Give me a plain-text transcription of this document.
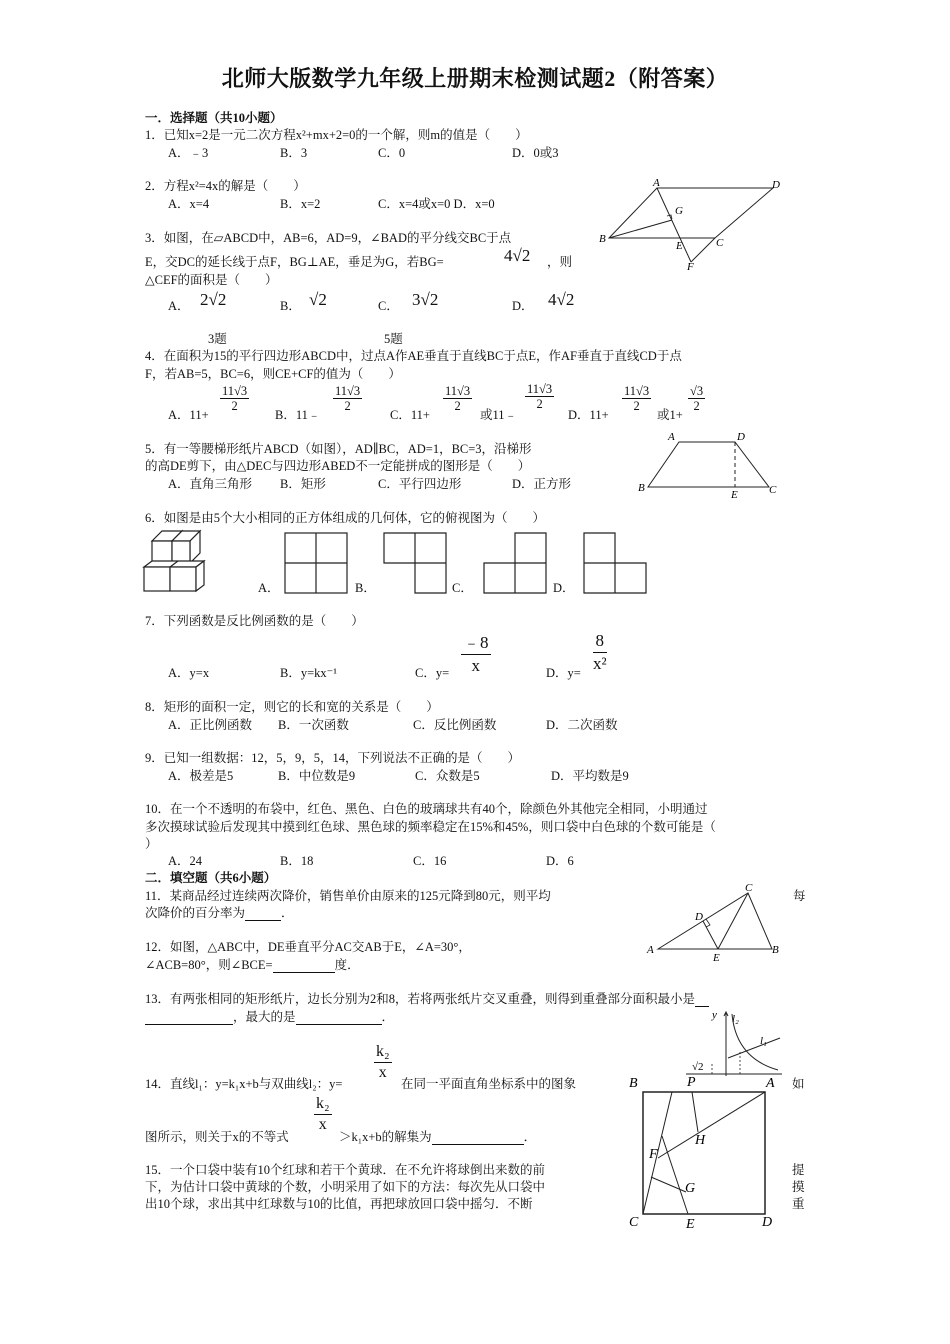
北师大版数学九年级上册期末检测试题2（附答案）
一．选择题（共10小题）
1．已知x=2是一元二次方程x²+mx+2=0的一个解，则m的值是（　　）
A．﹣3	B．3	C．0	D．0或3
2．方程x²=4x的解是（　　）
A．x=4	B．x=2	C．x=4或x=0 D．x=0
A	D
B	C
E
F
G
3．如图，在▱ABCD中，AB=6，AD=9，∠BAD的平分线交BC于点
E，交DC的延长线于点F，BG⊥AE，垂足为G，若BG=	4√2 ，则
△CEF的面积是（　　）
A． 2√2	B． √2	C． 3√2	D． 4√2
3题	5题
4．在面积为15的平行四边形ABCD中，过点A作AE垂直于直线BC于点E，作AF垂直于直线CD于点
F，若AB=5，BC=6，则CE+CF的值为（　　）
A．11+
$\frac{11√3}{2}$
B．11﹣
$\frac{11√3}{2}$
C．11+
$\frac{11√3}{2}$
或11﹣
$\frac{11√3}{2}$
D．11+
$\frac{11√3}{2}$
或1+
$\frac{√3}{2}$
A	D
B
E	C
5．有一等腰梯形纸片ABCD（如图），AD∥BC，AD=1，BC=3，沿梯形
的高DE剪下，由△DEC与四边形ABED不一定能拼成的图形是（　　）
A．直角三角形 B．矩形	C．平行四边形	D．正方形
6．如图是由5个大小相同的正方体组成的几何体，它的俯视图为（　　）
A．	B．	C．	D．
7．下列函数是反比例函数的是（　　）
A．y=x	B．y=kx⁻¹	C．$y= \frac{﹣8}{x}$	D．$y= \frac{8}{\text{x²}}$
8．矩形的面积一定，则它的长和宽的关系是（　　）
A．正比例函数 B．一次函数	C．反比例函数	D．二次函数
9．已知一组数据：12，5，9，5，14，下列说法不正确的是（　　）
A．极差是5	B．中位数是9	C．众数是5	D．平均数是9
10．在一个不透明的布袋中，红色、黑色、白色的玻璃球共有40个，除颜色外其他完全相同，小明通过
多次摸球试验后发现其中摸到红色球、黑色球的频率稳定在15%和45%，则口袋中白色球的个数可能是（
）
A．24	B．18	C．16	D．6
二．填空题（共6小题）
C
D
A
E
B
11．某商品经过连续两次降价，销售单价由原来的125元降到80元，则平均	每
次降价的百分率为	．
12．如图，△ABC中，DE垂直平分AC交AB于E，∠A=30°，
∠ACB=80°，则∠BCE=	度．
13．有两张相同的矩形纸片，边长分别为2和8，若将两张纸片交叉重叠，则得到重叠部分面积最小是
，最大的是	．	y l₂
l₁
√2
B	P	A
H
F
G
C	E	D
$\frac{\text{k₂}}{x}$
14．直线l₁：y=k₁x+b与双曲线l₂：y=	在同一平面直角坐标系中的图象	如
$\frac{\text{k₂}}{x}$
图所示，则关于x的不等式	＞k₁x+b的解集为	．
15．一个口袋中装有10个红球和若干个黄球．在不允许将球倒出来数的前	提
下，为估计口袋中黄球的个数，小明采用了如下的方法：每次先从口袋中	摸
出10个球，求出其中红球数与10的比值，再把球放回口袋中摇匀．不断	重
